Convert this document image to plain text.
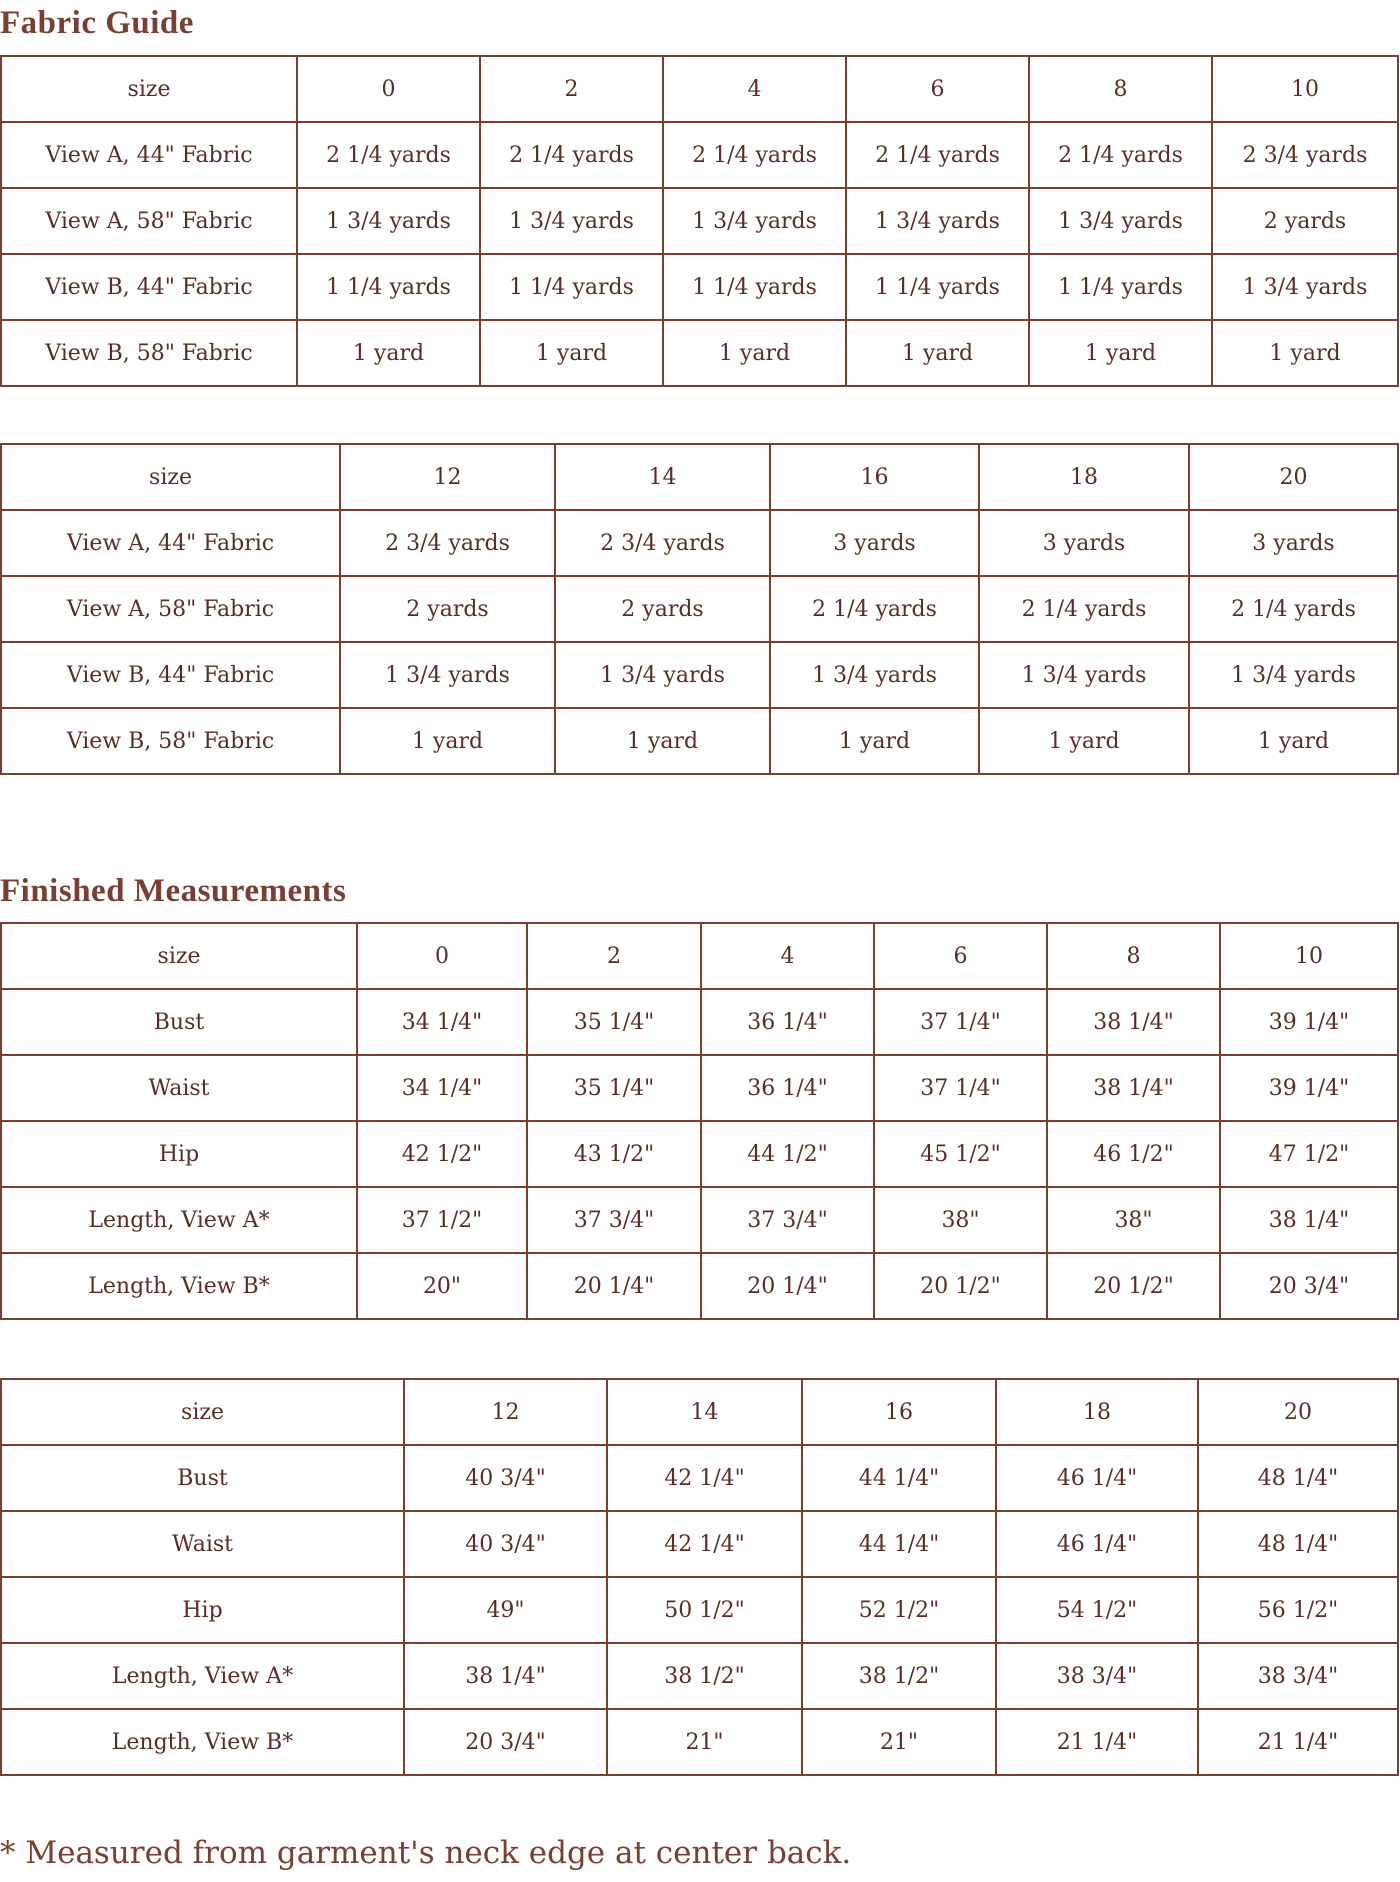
Fabric Guide
size	0	2	4	6	8	10
View A, 44" Fabric	2 1/4 yards	2 1/4 yards	2 1/4 yards	2 1/4 yards	2 1/4 yards	2 3/4 yards
View A, 58" Fabric	1 3/4 yards	1 3/4 yards	1 3/4 yards	1 3/4 yards	1 3/4 yards	2 yards
View B, 44" Fabric	1 1/4 yards	1 1/4 yards	1 1/4 yards	1 1/4 yards	1 1/4 yards	1 3/4 yards
View B, 58" Fabric	1 yard	1 yard	1 yard	1 yard	1 yard	1 yard
size	12	14	16	18	20
View A, 44" Fabric	2 3/4 yards	2 3/4 yards	3 yards	3 yards	3 yards
View A, 58" Fabric	2 yards	2 yards	2 1/4 yards	2 1/4 yards	2 1/4 yards
View B, 44" Fabric	1 3/4 yards	1 3/4 yards	1 3/4 yards	1 3/4 yards	1 3/4 yards
View B, 58" Fabric	1 yard	1 yard	1 yard	1 yard	1 yard
Finished Measurements
size	0	2	4	6	8	10
Bust	34 1/4"	35 1/4"	36 1/4"	37 1/4"	38 1/4"	39 1/4"
Waist	34 1/4"	35 1/4"	36 1/4"	37 1/4"	38 1/4"	39 1/4"
Hip	42 1/2"	43 1/2"	44 1/2"	45 1/2"	46 1/2"	47 1/2"
Length, View A*	37 1/2"	37 3/4"	37 3/4"	38"	38"	38 1/4"
Length, View B*	20"	20 1/4"	20 1/4"	20 1/2"	20 1/2"	20 3/4"
size	12	14	16	18	20
Bust	40 3/4"	42 1/4"	44 1/4"	46 1/4"	48 1/4"
Waist	40 3/4"	42 1/4"	44 1/4"	46 1/4"	48 1/4"
Hip	49"	50 1/2"	52 1/2"	54 1/2"	56 1/2"
Length, View A*	38 1/4"	38 1/2"	38 1/2"	38 3/4"	38 3/4"
Length, View B*	20 3/4"	21"	21"	21 1/4"	21 1/4"

* Measured from garment's neck edge at center back.
